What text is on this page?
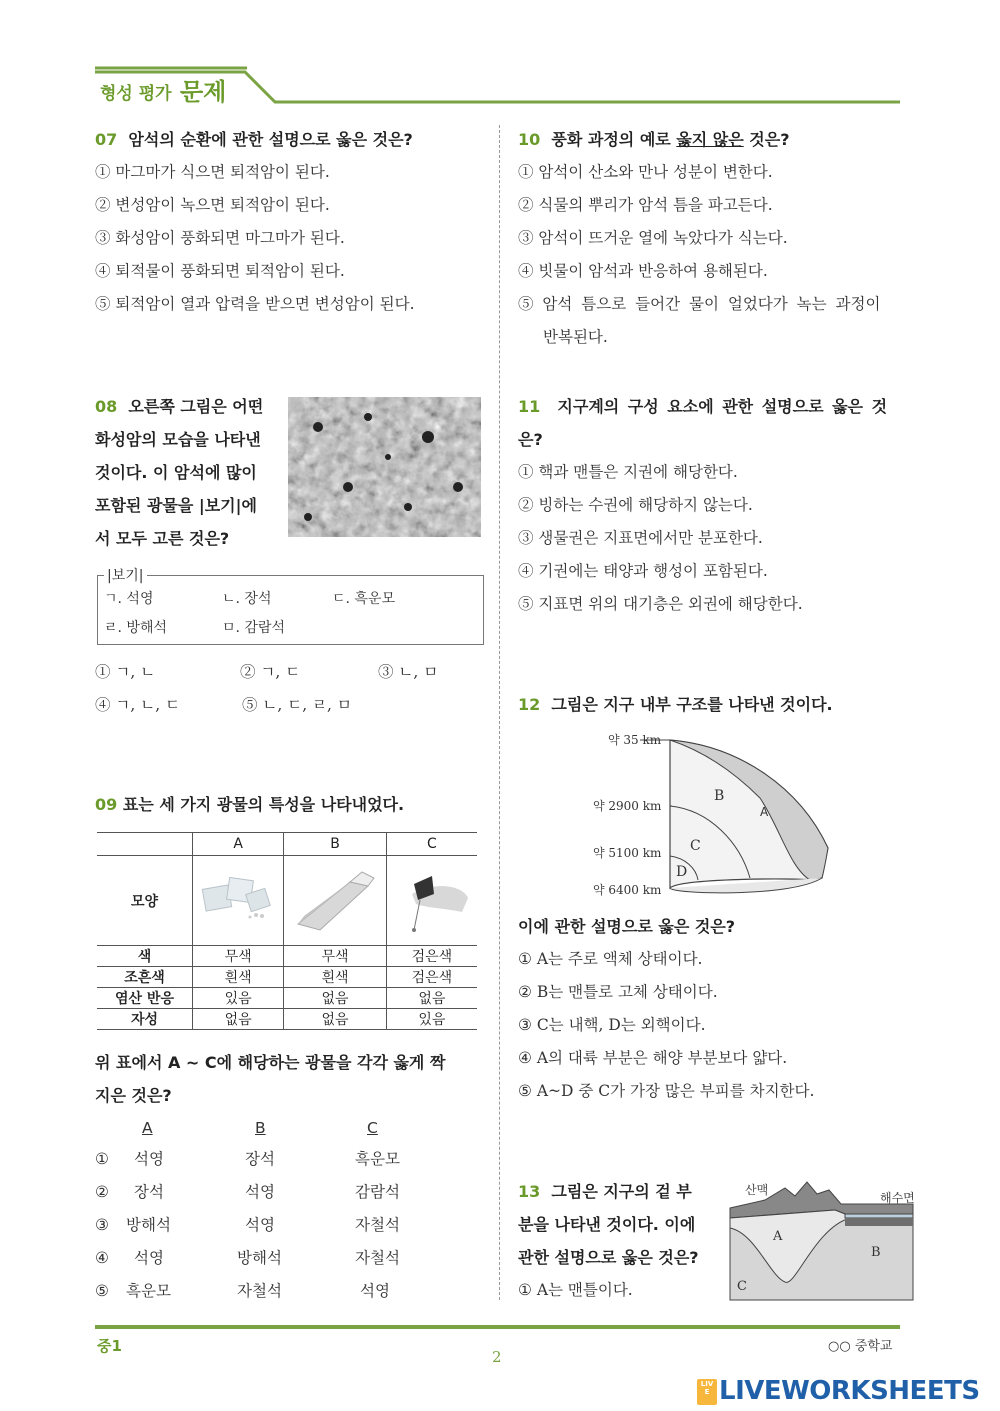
형성 평가 문제
07 암석의 순환에 관한 설명으로 옳은 것은?
① 마그마가 식으면 퇴적암이 된다.
② 변성암이 녹으면 퇴적암이 된다.
③ 화성암이 풍화되면 마그마가 된다.
④ 퇴적물이 풍화되면 퇴적암이 된다.
⑤ 퇴적암이 열과 압력을 받으면 변성암이 된다.
08 오른쪽 그림은 어떤
화성암의 모습을 나타낸
것이다. 이 암석에 많이
포함된 광물을 |보기|에
서 모두 고른 것은?
|보기|
ㄱ. 석영	ㄴ. 장석	ㄷ. 흑운모
ㄹ. 방해석	ㅁ. 감람석
① ㄱ, ㄴ	② ㄱ, ㄷ	③ ㄴ, ㅁ
④ ㄱ, ㄴ, ㄷ	⑤ ㄴ, ㄷ, ㄹ, ㅁ
09 표는 세 가지 광물의 특성을 나타내었다.
	A	B	C
모양			
색	무색	무색	검은색
조흔색	흰색	흰색	검은색
염산 반응	있음	없음	없음
자성	없음	없음	있음
위 표에서 A ~ C에 해당하는 광물을 각각 옳게 짝
지은 것은?
A	B	C
① 석영	장석	흑운모
② 장석	석영	감람석
③ 방해석	석영	자철석
④ 석영	방해석	자철석
⑤ 흑운모	자철석	석영
10 풍화 과정의 예로 옳지 않은 것은?
① 암석이 산소와 만나 성분이 변한다.
② 식물의 뿌리가 암석 틈을 파고든다.
③ 암석이 뜨거운 열에 녹았다가 식는다.
④ 빗물이 암석과 반응하여 용해된다.
⑤ 암석 틈으로 들어간 물이 얼었다가 녹는 과정이
반복된다.
11 지구계의 구성 요소에 관한 설명으로 옳은 것
은?
① 핵과 맨틀은 지권에 해당한다.
② 빙하는 수권에 해당하지 않는다.
③ 생물권은 지표면에서만 분포한다.
④ 기권에는 태양과 행성이 포함된다.
⑤ 지표면 위의 대기층은 외권에 해당한다.
12 그림은 지구 내부 구조를 나타낸 것이다.
약 35 km
약 2900 km
약 5100 km
약 6400 km
A
B
C
D
이에 관한 설명으로 옳은 것은?
① A는 주로 액체 상태이다.
② B는 맨틀로 고체 상태이다.
③ C는 내핵, D는 외핵이다.
④ A의 대륙 부분은 해양 부분보다 얇다.
⑤ A~D 중 C가 가장 많은 부피를 차지한다.
13 그림은 지구의 겉 부
분을 나타낸 것이다. 이에
관한 설명으로 옳은 것은?
① A는 맨틀이다.
산맥
해수면
A
B
C
중1
2
○○ 중학교
LIVE LIVEWORKSHEETS
